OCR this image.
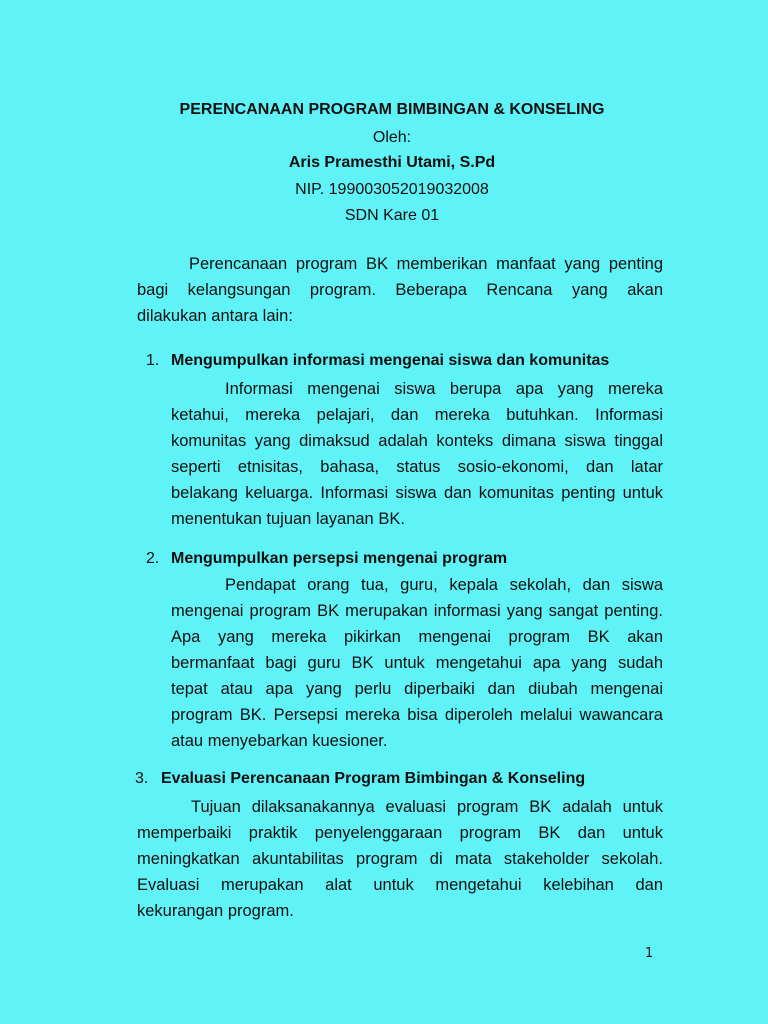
PERENCANAAN PROGRAM BIMBINGAN & KONSELING
Oleh:
Aris Pramesthi Utami, S.Pd
NIP. 199003052019032008
SDN Kare 01
Perencanaan program BK memberikan manfaat yang penting
bagi kelangsungan program. Beberapa Rencana yang akan
dilakukan antara lain:
1. Mengumpulkan informasi mengenai siswa dan komunitas
Informasi mengenai siswa berupa apa yang mereka
ketahui, mereka pelajari, dan mereka butuhkan. Informasi
komunitas yang dimaksud adalah konteks dimana siswa tinggal
seperti etnisitas, bahasa, status sosio-ekonomi, dan latar
belakang keluarga. Informasi siswa dan komunitas penting untuk
menentukan tujuan layanan BK.
2. Mengumpulkan persepsi mengenai program
Pendapat orang tua, guru, kepala sekolah, dan siswa
mengenai program BK merupakan informasi yang sangat penting.
Apa yang mereka pikirkan mengenai program BK akan
bermanfaat bagi guru BK untuk mengetahui apa yang sudah
tepat atau apa yang perlu diperbaiki dan diubah mengenai
program BK. Persepsi mereka bisa diperoleh melalui wawancara
atau menyebarkan kuesioner.
3. Evaluasi Perencanaan Program Bimbingan & Konseling
Tujuan dilaksanakannya evaluasi program BK adalah untuk
memperbaiki praktik penyelenggaraan program BK dan untuk
meningkatkan akuntabilitas program di mata stakeholder sekolah.
Evaluasi merupakan alat untuk mengetahui kelebihan dan
kekurangan program.
1
